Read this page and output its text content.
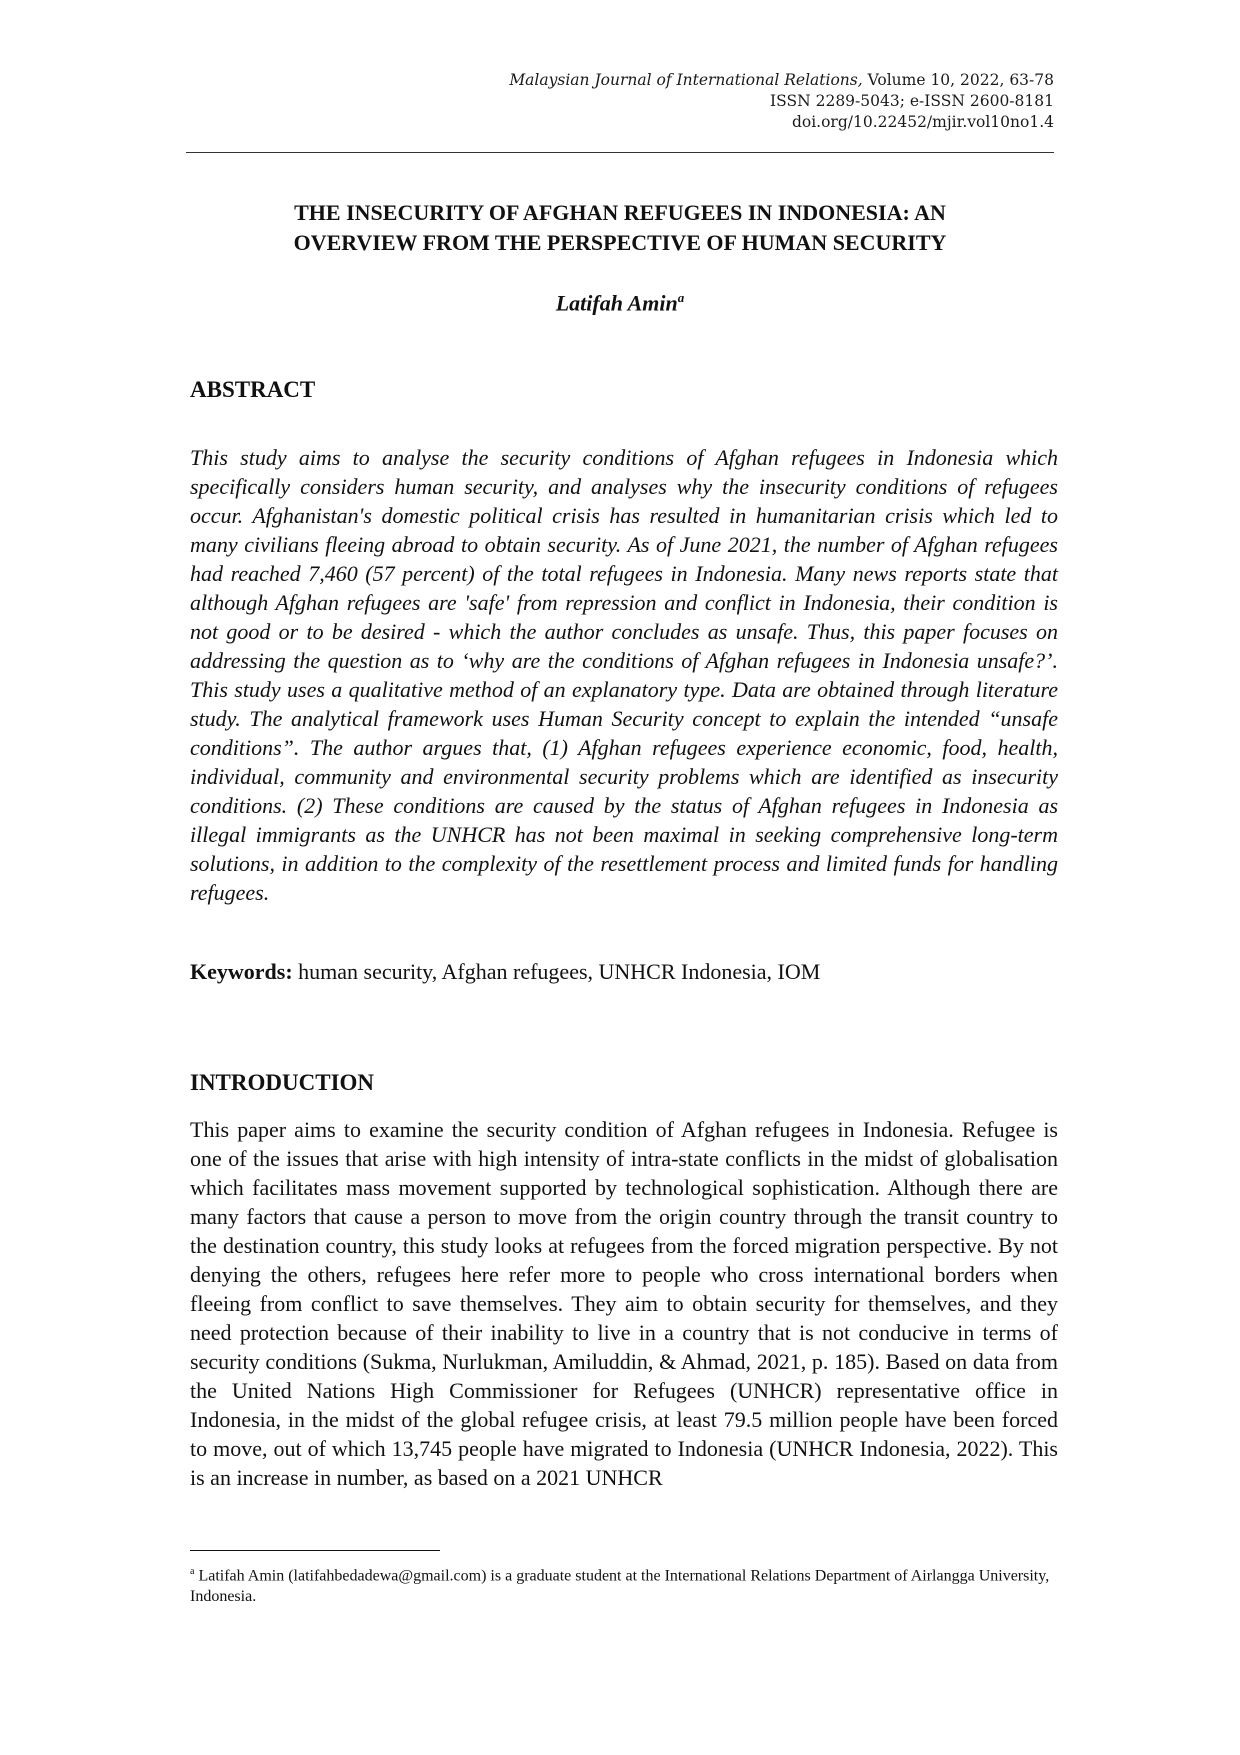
Malaysian Journal of International Relations, Volume 10, 2022, 63-78
ISSN 2289-5043; e-ISSN 2600-8181
doi.org/10.22452/mjir.vol10no1.4
THE INSECURITY OF AFGHAN REFUGEES IN INDONESIA: AN
OVERVIEW FROM THE PERSPECTIVE OF HUMAN SECURITY
Latifah Amin$^a$
ABSTRACT

This study aims to analyse the security conditions of Afghan refugees in Indonesia which specifically considers human security, and analyses why the insecurity conditions of refugees occur. Afghanistan's domestic political crisis has resulted in humanitarian crisis which led to many civilians fleeing abroad to obtain security. As of June 2021, the number of Afghan refugees had reached 7,460 (57 percent) of the total refugees in Indonesia. Many news reports state that although Afghan refugees are 'safe' from repression and conflict in Indonesia, their condition is not good or to be desired - which the author concludes as unsafe. Thus, this paper focuses on addressing the question as to ‘why are the conditions of Afghan refugees in Indonesia unsafe?’. This study uses a qualitative method of an explanatory type. Data are obtained through literature study. The analytical framework uses Human Security concept to explain the intended “unsafe conditions”. The author argues that, (1) Afghan refugees experience economic, food, health, individual, community and environmental security problems which are identified as insecurity conditions. (2) These conditions are caused by the status of Afghan refugees in Indonesia as illegal immigrants as the UNHCR has not been maximal in seeking comprehensive long-term solutions, in addition to the complexity of the resettlement process and limited funds for handling refugees.

Keywords: human security, Afghan refugees, UNHCR Indonesia, IOM

INTRODUCTION

This paper aims to examine the security condition of Afghan refugees in Indonesia. Refugee is one of the issues that arise with high intensity of intra-state conflicts in the midst of globalisation which facilitates mass movement supported by technological sophistication. Although there are many factors that cause a person to move from the origin country through the transit country to the destination country, this study looks at refugees from the forced migration perspective. By not denying the others, refugees here refer more to people who cross international borders when fleeing from conflict to save themselves. They aim to obtain security for themselves, and they need protection because of their inability to live in a country that is not conducive in terms of security conditions (Sukma, Nurlukman, Amiluddin, & Ahmad, 2021, p. 185). Based on data from the United Nations High Commissioner for Refugees (UNHCR) representative office in Indonesia, in the midst of the global refugee crisis, at least 79.5 million people have been forced to move, out of which 13,745 people have migrated to Indonesia (UNHCR Indonesia, 2022). This is an increase in number, as based on a 2021 UNHCR

$^a$ Latifah Amin (latifahbedadewa@gmail.com) is a graduate student at the International Relations Department of Airlangga University, Indonesia.
